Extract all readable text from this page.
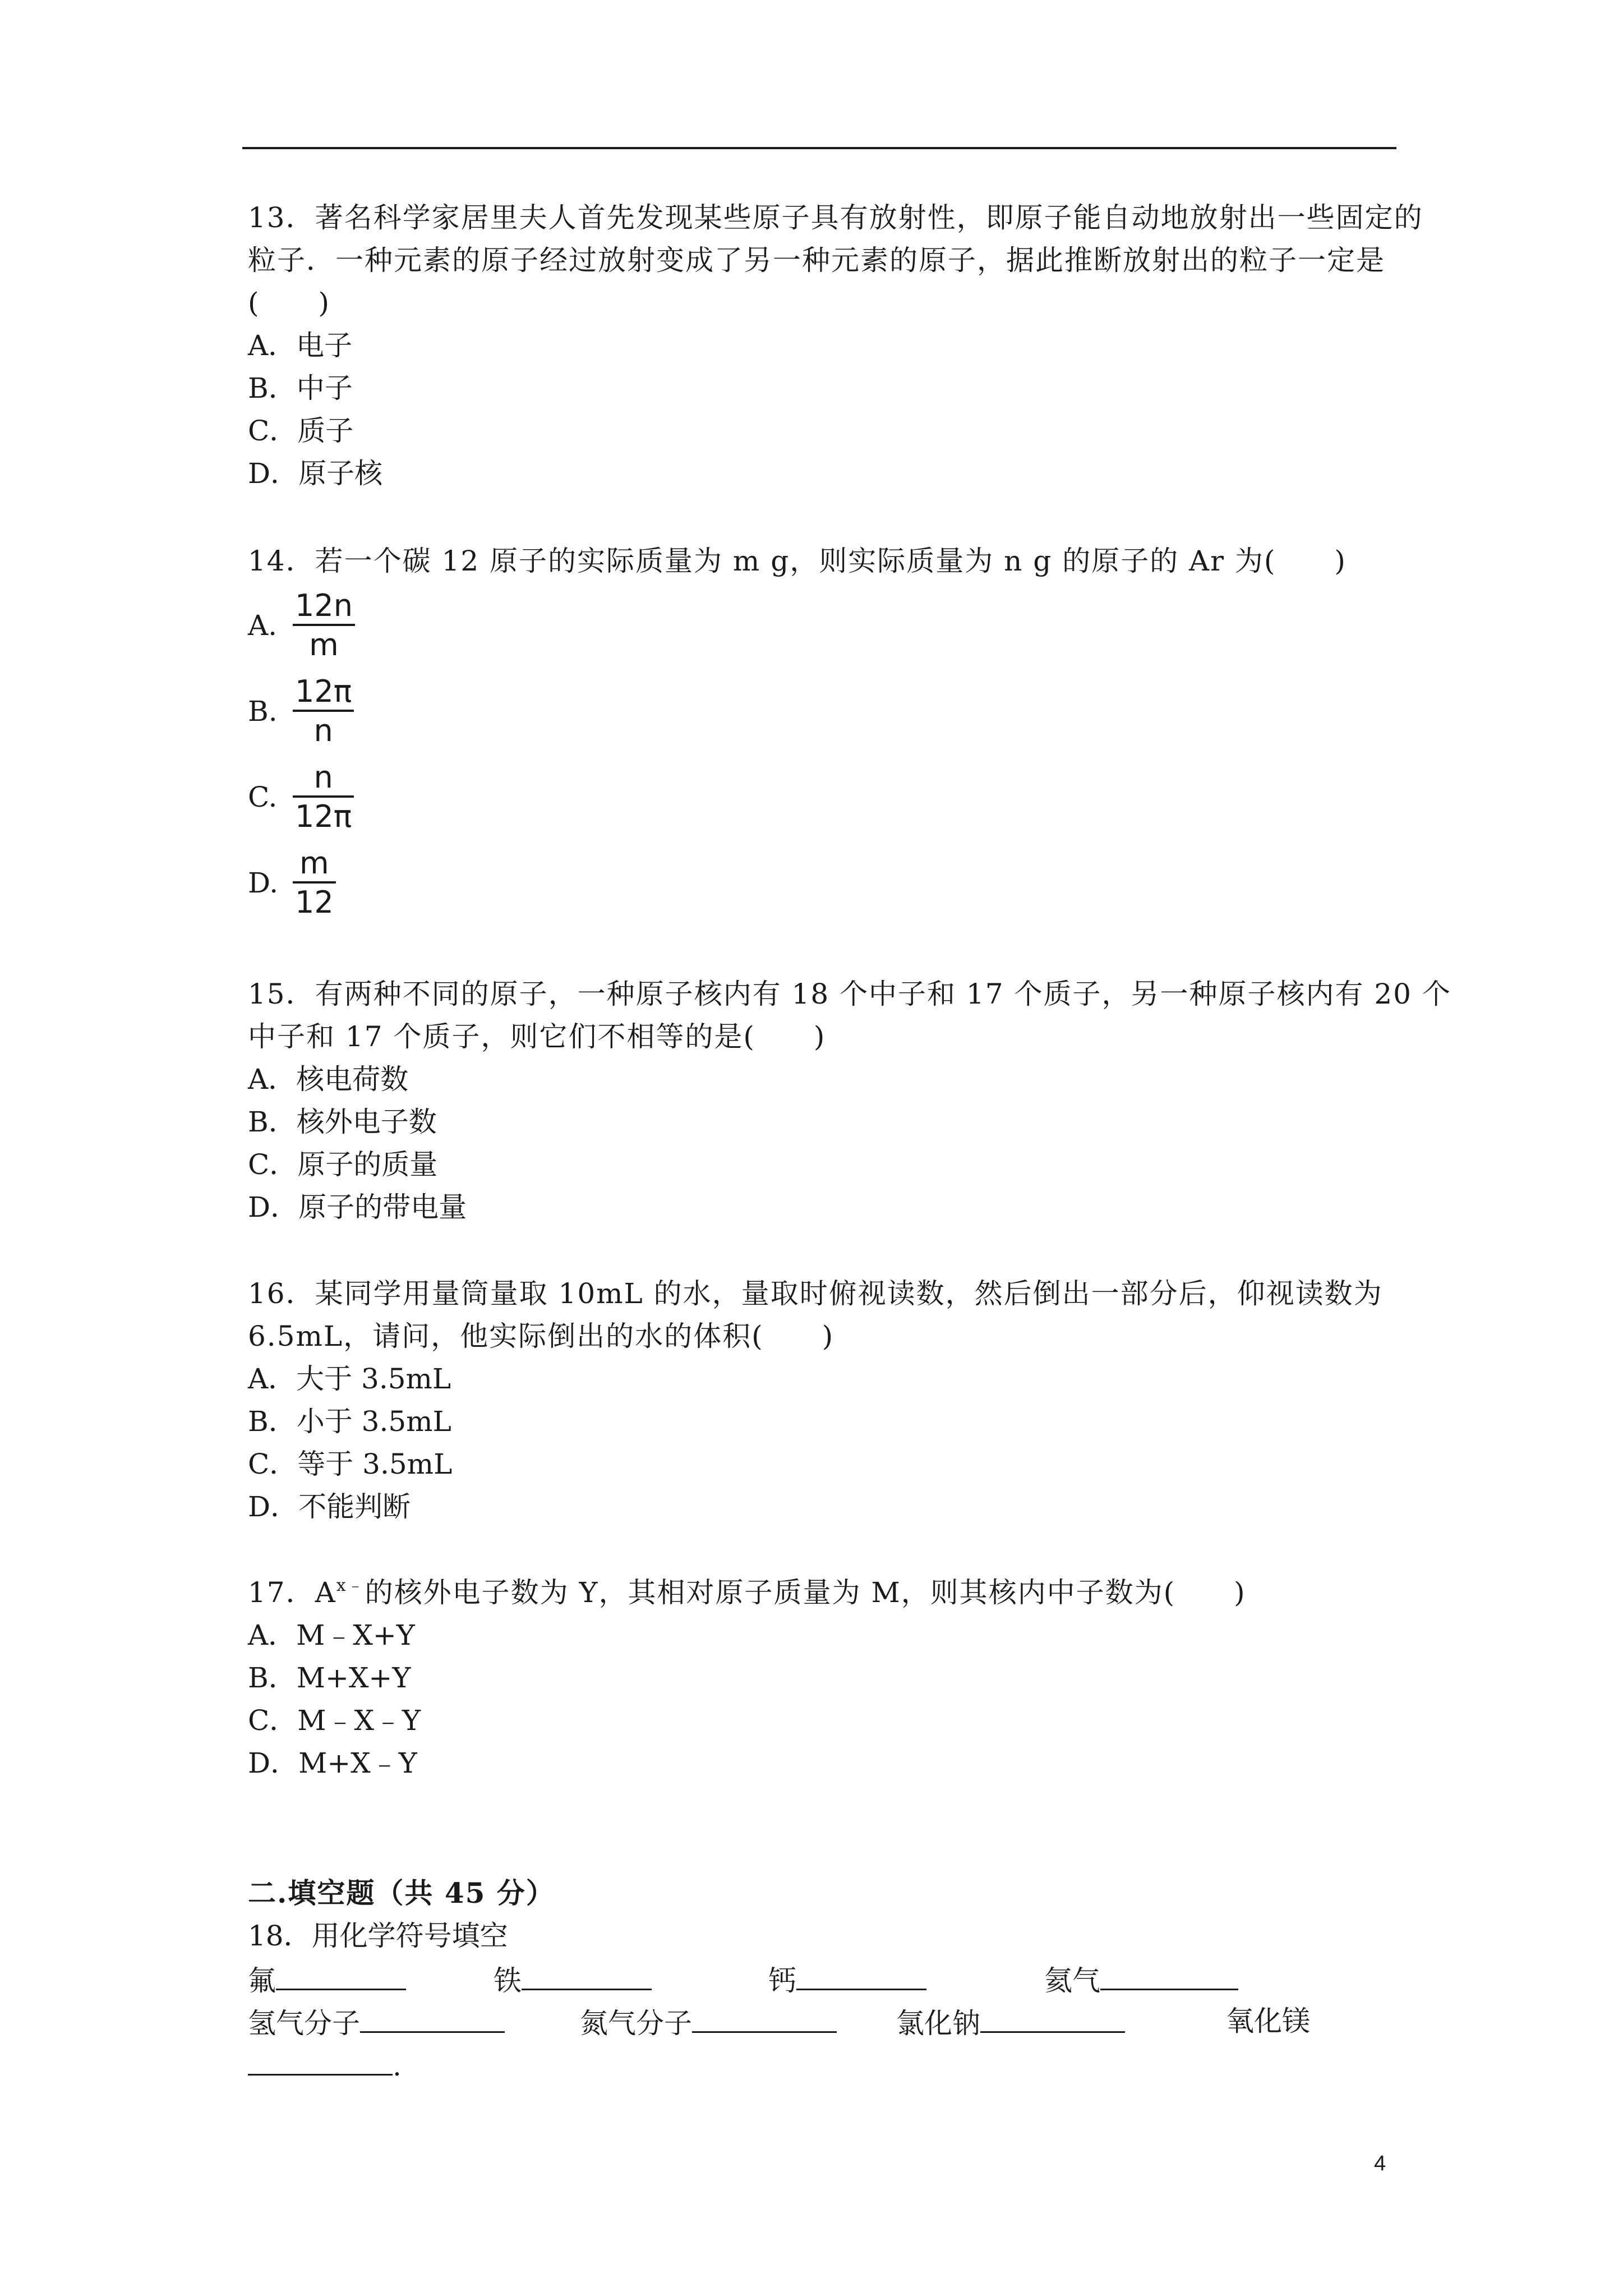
13．著名科学家居里夫人首先发现某些原子具有放射性，即原子能自动地放射出一些固定的
粒子．一种元素的原子经过放射变成了另一种元素的原子，据此推断放射出的粒子一定是
(　　)
A．电子
B．中子
C．质子
D．原子核
14．若一个碳 12 原子的实际质量为 m g，则实际质量为 n g 的原子的 Ar 为(　　)
A. $\frac{12n}{m}$
B. $\frac{12\pi}{n}$
C. $\frac{n}{12\pi}$
D. $\frac{m}{12}$
15．有两种不同的原子，一种原子核内有 18 个中子和 17 个质子，另一种原子核内有 20 个
中子和 17 个质子，则它们不相等的是(　　)
A．核电荷数
B．核外电子数
C．原子的质量
D．原子的带电量
16．某同学用量筒量取 10mL 的水，量取时俯视读数，然后倒出一部分后，仰视读数为
6.5mL，请问，他实际倒出的水的体积(　　)
A．大于 3.5mL
B．小于 3.5mL
C．等于 3.5mL
D．不能判断
17．$A^{x﹣}$的核外电子数为 Y，其相对原子质量为 M，则其核内中子数为(　　)
A．M﹣X+Y
B．M+X+Y
C．M﹣X﹣Y
D．M+X﹣Y
二.填空题（共 45 分）
18．用化学符号填空
氟	铁	钙	氦气
氢气分子	氮气分子	氯化钠	氧化镁
.
4
